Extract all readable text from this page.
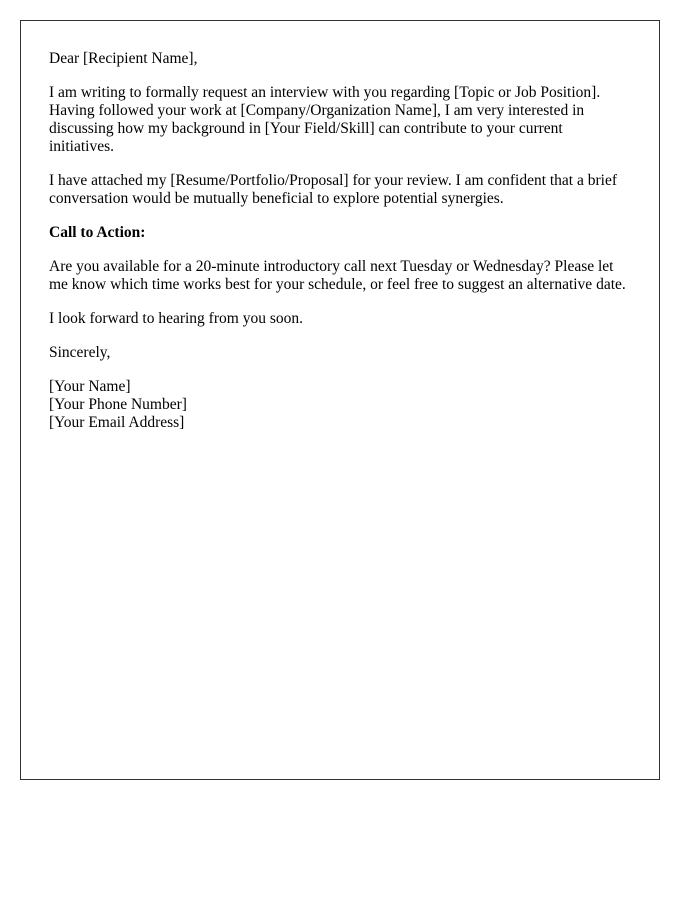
Dear [Recipient Name],

I am writing to formally request an interview with you regarding [Topic or Job Position]. Having followed your work at [Company/Organization Name], I am very interested in discussing how my background in [Your Field/Skill] can contribute to your current initiatives.

I have attached my [Resume/Portfolio/Proposal] for your review. I am confident that a brief conversation would be mutually beneficial to explore potential synergies.

Call to Action:

Are you available for a 20-minute introductory call next Tuesday or Wednesday? Please let me know which time works best for your schedule, or feel free to suggest an alternative date.

I look forward to hearing from you soon.

Sincerely,

[Your Name]
[Your Phone Number]
[Your Email Address]
